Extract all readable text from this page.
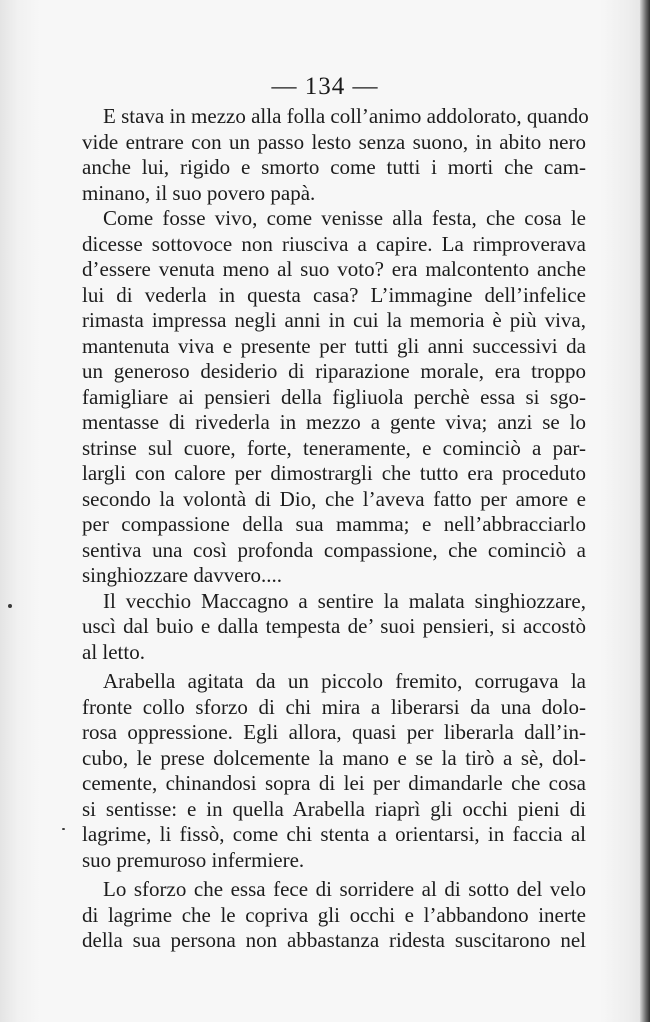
— 134 —

E stava in mezzo alla folla coll’animo addolorato, quando
vide entrare con un passo lesto senza suono, in abito nero
anche lui, rigido e smorto come tutti i morti che cam-
minano, il suo povero papà.

Come fosse vivo, come venisse alla festa, che cosa le
dicesse sottovoce non riusciva a capire. La rimproverava
d’essere venuta meno al suo voto? era malcontento anche
lui di vederla in questa casa? L’immagine dell’infelice
rimasta impressa negli anni in cui la memoria è più viva,
mantenuta viva e presente per tutti gli anni successivi da
un generoso desiderio di riparazione morale, era troppo
famigliare ai pensieri della figliuola perchè essa si sgo-
mentasse di rivederla in mezzo a gente viva; anzi se lo
strinse sul cuore, forte, teneramente, e cominciò a par-
largli con calore per dimostrargli che tutto era proceduto
secondo la volontà di Dio, che l’aveva fatto per amore e
per compassione della sua mamma; e nell’abbracciarlo
sentiva una così profonda compassione, che cominciò a
singhiozzare davvero....

Il vecchio Maccagno a sentire la malata singhiozzare,
uscì dal buio e dalla tempesta de’ suoi pensieri, si accostò
al letto.

Arabella agitata da un piccolo fremito, corrugava la
fronte collo sforzo di chi mira a liberarsi da una dolo-
rosa oppressione. Egli allora, quasi per liberarla dall’in-
cubo, le prese dolcemente la mano e se la tirò a sè, dol-
cemente, chinandosi sopra di lei per dimandarle che cosa
si sentisse: e in quella Arabella riaprì gli occhi pieni di
lagrime, li fissò, come chi stenta a orientarsi, in faccia al
suo premuroso infermiere.

Lo sforzo che essa fece di sorridere al di sotto del velo
di lagrime che le copriva gli occhi e l’abbandono inerte
della sua persona non abbastanza ridesta suscitarono nel
